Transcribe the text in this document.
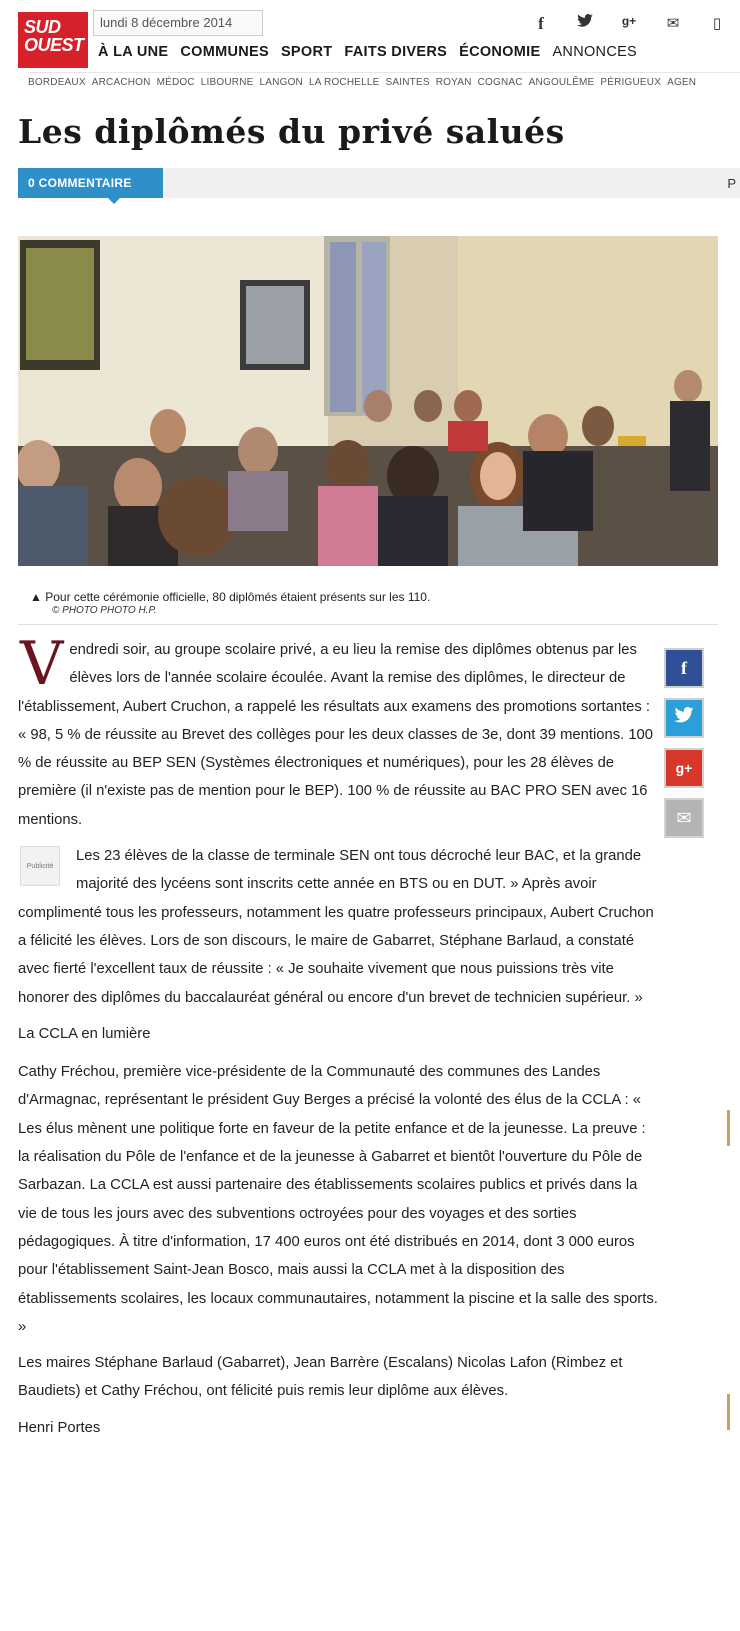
SUD
OUEST
lundi 8 décembre 2014	f	g+	✉	▯
À LA UNE COMMUNES SPORT FAITS DIVERS ÉCONOMIE ANNONCES
BORDEAUX ARCACHON MÉDOC LIBOURNE LANGON LA ROCHELLE SAINTES ROYAN COGNAC ANGOULÊME PÉRIGUEUX AGEN
Les diplômés du privé salués
0 COMMENTAIRE	P
▲ Pour cette cérémonie officielle, 80 diplômés étaient présents sur les 110.
© PHOTO PHOTO H.P.
V endredi soir, au groupe scolaire privé, a eu lieu la remise des diplômes obtenus par les élèves lors de l'année scolaire écoulée. Avant la remise des diplômes, le directeur de l'établissement, Aubert Cruchon, a rappelé les résultats aux examens des promotions sortantes : « 98, 5 % de réussite au Brevet des collèges pour les deux classes de 3e, dont 39 mentions. 100 % de réussite au BEP SEN (Systèmes électroniques et numériques), pour les 28 élèves de première (il n'existe pas de mention pour le BEP). 100 % de réussite au BAC PRO SEN avec 16 mentions.
Publicité
Les 23 élèves de la classe de terminale SEN ont tous décroché leur BAC, et la grande majorité des lycéens sont inscrits cette année en BTS ou en DUT. » Après avoir complimenté tous les professeurs, notamment les quatre professeurs principaux, Aubert Cruchon a félicité les élèves. Lors de son discours, le maire de Gabarret, Stéphane Barlaud, a constaté avec fierté l'excellent taux de réussite : « Je souhaite vivement que nous puissions très vite honorer des diplômes du baccalauréat général ou encore d'un brevet de technicien supérieur. »
La CCLA en lumière
Cathy Fréchou, première vice-présidente de la Communauté des communes des Landes d'Armagnac, représentant le président Guy Berges a précisé la volonté des élus de la CCLA : « Les élus mènent une politique forte en faveur de la petite enfance et de la jeunesse. La preuve : la réalisation du Pôle de l'enfance et de la jeunesse à Gabarret et bientôt l'ouverture du Pôle de Sarbazan. La CCLA est aussi partenaire des établissements scolaires publics et privés dans la vie de tous les jours avec des subventions octroyées pour des voyages et des sorties pédagogiques. À titre d'information, 17 400 euros ont été distribués en 2014, dont 3 000 euros pour l'établissement Saint-Jean Bosco, mais aussi la CCLA met à la disposition des établissements scolaires, les locaux communautaires, notamment la piscine et la salle des sports. »
Les maires Stéphane Barlaud (Gabarret), Jean Barrère (Escalans) Nicolas Lafon (Rimbez et Baudiets) et Cathy Fréchou, ont félicité puis remis leur diplôme aux élèves.
Henri Portes
f
g+
✉
